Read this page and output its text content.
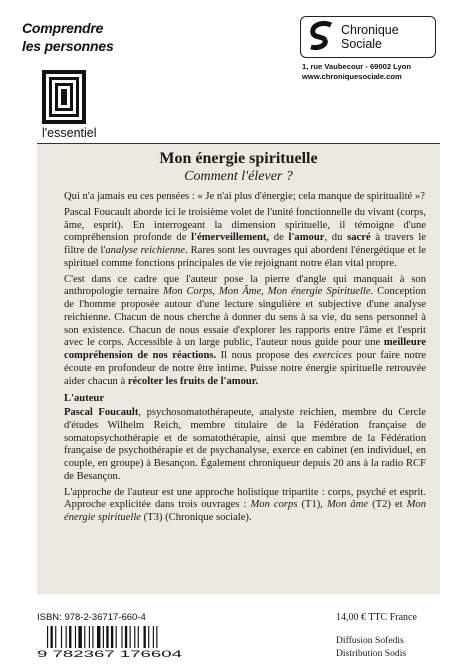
Comprendre
les personnes
l'essentiel
Chronique
Sociale
1, rue Vaubecour - 69002 Lyon
www.chroniquesociale.com
Mon énergie spirituelle
Comment l'élever ?

Qui n'a jamais eu ces pensées : « Je n'ai plus d'énergie; cela manque de spiritualité »?

Pascal Foucault aborde ici le troisième volet de l'unité fonctionnelle du vivant (corps, âme, esprit). En interrogeant la dimension spirituelle, il témoigne d'une compréhension profonde de l'émerveillement, de l'amour, du sacré à travers le filtre de l'analyse reichienne. Rares sont les ouvrages qui abordent l'énergétique et le spirituel comme fonctions principales de vie rejoignant notre élan vital propre.

C'est dans ce cadre que l'auteur pose la pierre d'angle qui manquait à son anthropologie ternaire Mon Corps, Mon Âme, Mon énergie Spirituelle. Conception de l'homme proposée autour d'une lecture singulière et subjective d'une analyse reichienne. Chacun de nous cherche à donner du sens à sa vie, du sens personnel à son existence. Chacun de nous essaie d'explorer les rapports entre l'âme et l'esprit avec le corps. Accessible à un large public, l'auteur nous guide pour une meilleure compréhension de nos réactions. Il nous propose des exercices pour faire notre écoute en profondeur de notre être intime. Puisse notre énergie spirituelle retrouvée aider chacun à récolter les fruits de l'amour.

L'auteur

Pascal Foucault, psychosomatothérapeute, analyste reichien, membre du Cercle d'études Wilhelm Reich, membre titulaire de la Fédération française de somatopsychothérapie et de somatothérapie, ainsi que membre de la Fédération française de psychothérapie et de psychanalyse, exerce en cabinet (en individuel, en couple, en groupe) à Besançon. Également chroniqueur depuis 20 ans à la radio RCF de Besançon.

L'approche de l'auteur est une approche holistique tripartite : corps, psyché et esprit. Approche explicitée dans trois ouvrages : Mon corps (T1), Mon âme (T2) et Mon énergie spirituelle (T3) (Chronique sociale).

ISBN: 978-2-36717-660-4
9 782367 176604
14,00 € TTC France
Diffusion Sofedis
Distribution Sodis
